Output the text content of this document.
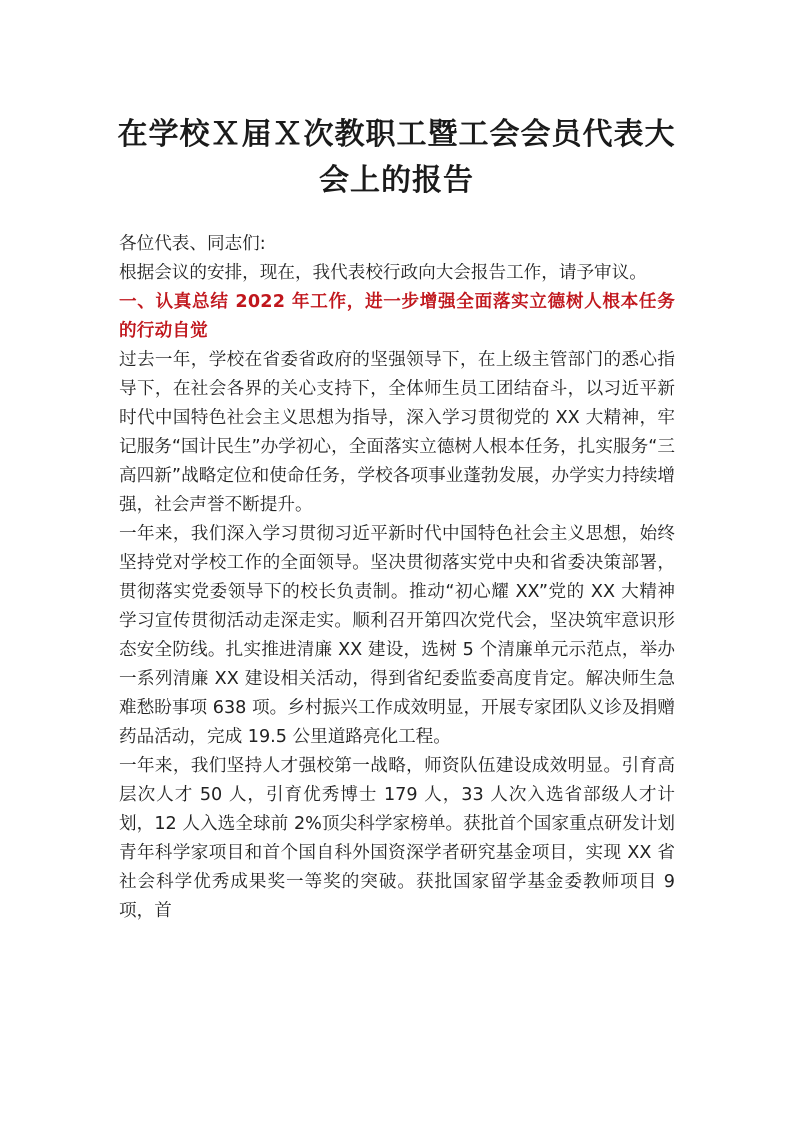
在学校Ｘ届Ｘ次教职工暨工会会员代表大
会上的报告

各位代表、同志们:

根据会议的安排，现在，我代表校行政向大会报告工作，请予审议。

一、认真总结 2022 年工作，进一步增强全面落实立德树人根本任务的行动自觉

过去一年，学校在省委省政府的坚强领导下，在上级主管部门的悉心指导下，在社会各界的关心支持下，全体师生员工团结奋斗，以习近平新时代中国特色社会主义思想为指导，深入学习贯彻党的 XX 大精神，牢记服务“国计民生”办学初心，全面落实立德树人根本任务，扎实服务“三高四新”战略定位和使命任务，学校各项事业蓬勃发展，办学实力持续增强，社会声誉不断提升。

一年来，我们深入学习贯彻习近平新时代中国特色社会主义思想，始终坚持党对学校工作的全面领导。坚决贯彻落实党中央和省委决策部署，贯彻落实党委领导下的校长负责制。推动“初心耀 XX”党的 XX 大精神学习宣传贯彻活动走深走实。顺利召开第四次党代会，坚决筑牢意识形态安全防线。扎实推进清廉 XX 建设，选树 5 个清廉单元示范点，举办一系列清廉 XX 建设相关活动，得到省纪委监委高度肯定。解决师生急难愁盼事项 638 项。乡村振兴工作成效明显，开展专家团队义诊及捐赠药品活动，完成 19.5 公里道路亮化工程。

一年来，我们坚持人才强校第一战略，师资队伍建设成效明显。引育高层次人才 50 人，引育优秀博士 179 人，33 人次入选省部级人才计划，12 人入选全球前 2%顶尖科学家榜单。获批首个国家重点研发计划青年科学家项目和首个国自科外国资深学者研究基金项目，实现 XX 省社会科学优秀成果奖一等奖的突破。获批国家留学基金委教师项目 9 项，首
